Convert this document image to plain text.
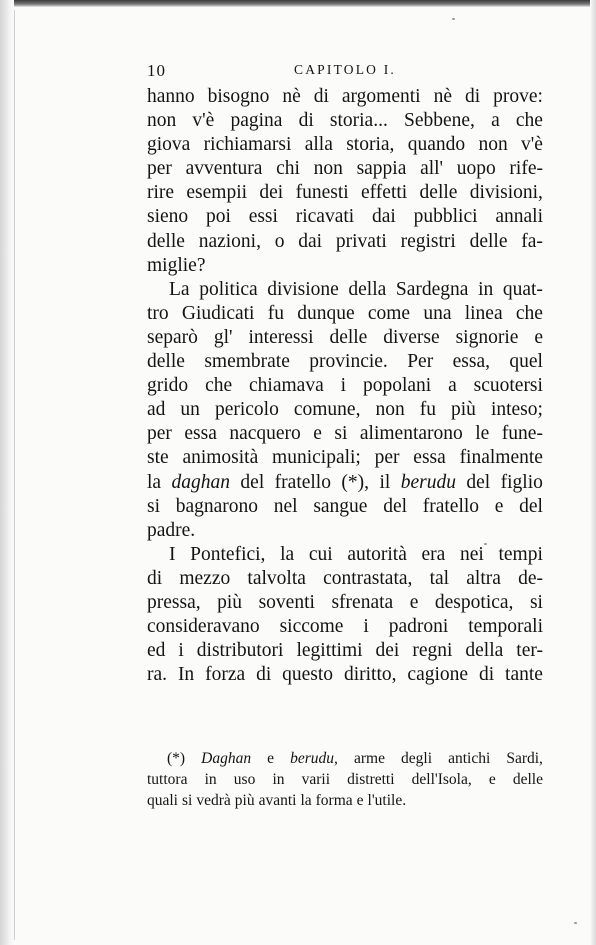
10	CAPITOLO I.
hanno bisogno nè di argomenti nè di prove:
non v'è pagina di storia... Sebbene, a che
giova richiamarsi alla storia, quando non v'è
per avventura chi non sappia all' uopo rife-
rire esempii dei funesti effetti delle divisioni,
sieno poi essi ricavati dai pubblici annali
delle nazioni, o dai privati registri delle fa-
miglie?
La politica divisione della Sardegna in quat-
tro Giudicati fu dunque come una linea che
separò gl' interessi delle diverse signorie e
delle smembrate provincie. Per essa, quel
grido che chiamava i popolani a scuotersi
ad un pericolo comune, non fu più inteso;
per essa nacquero e si alimentarono le fune-
ste animosità municipali; per essa finalmente
la daghan del fratello (*), il berudu del figlio
si bagnarono nel sangue del fratello e del
padre.
I Pontefici, la cui autorità era nei tempi
di mezzo talvolta contrastata, tal altra de-
pressa, più soventi sfrenata e despotica, si
consideravano siccome i padroni temporali
ed i distributori legittimi dei regni della ter-
ra. In forza di questo diritto, cagione di tante
(*) Daghan e berudu, arme degli antichi Sardi,
tuttora in uso in varii distretti dell'Isola, e delle
quali si vedrà più avanti la forma e l'utile.
